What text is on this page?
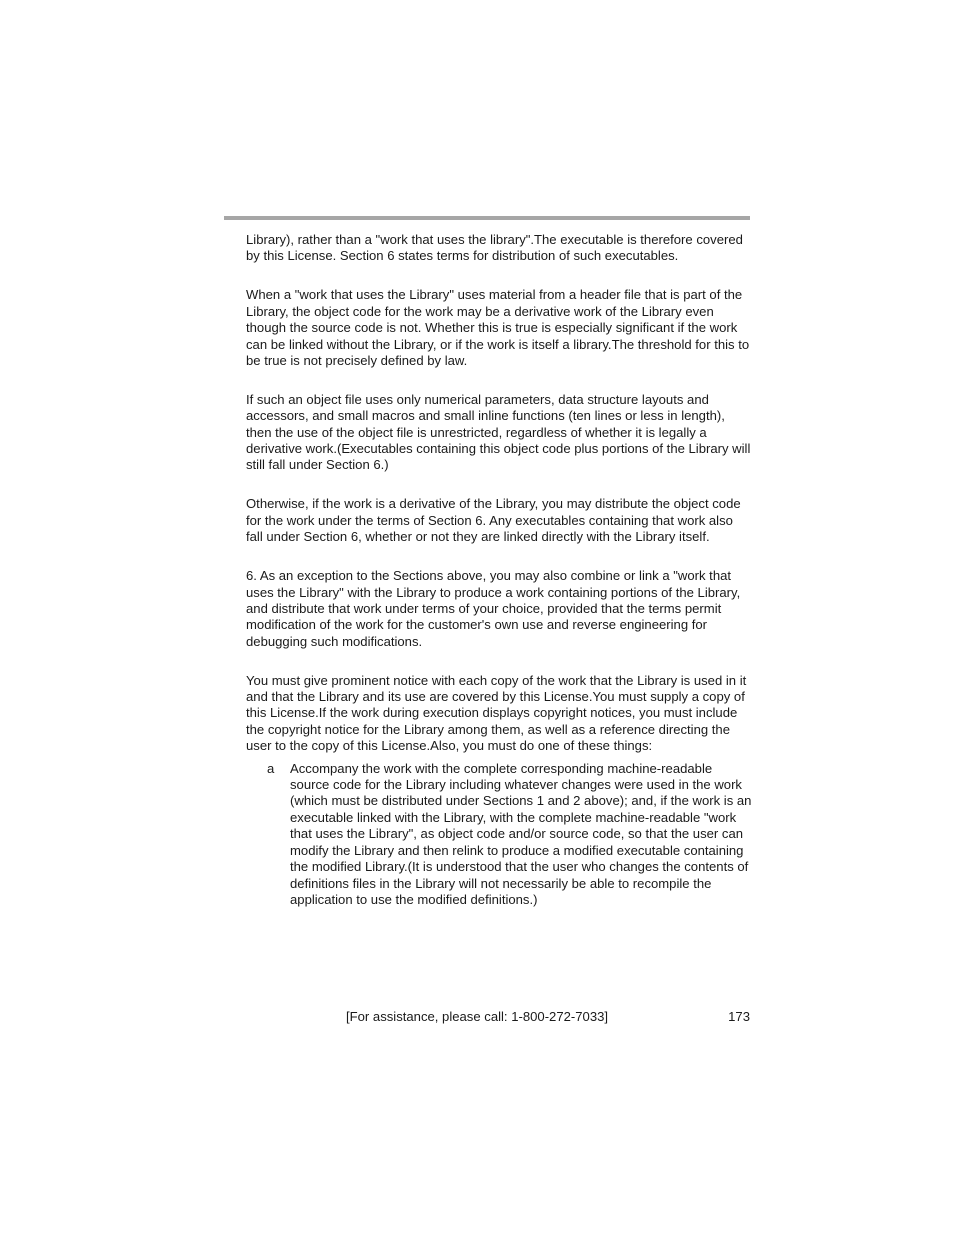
Library), rather than a "work that uses the library".The executable is therefore covered by this License. Section 6 states terms for distribution of such executables.

When a "work that uses the Library" uses material from a header file that is part of the Library, the object code for the work may be a derivative work of the Library even though the source code is not. Whether this is true is especially significant if the work can be linked without the Library, or if the work is itself a library.The threshold for this to be true is not precisely defined by law.

If such an object file uses only numerical parameters, data structure layouts and accessors, and small macros and small inline functions (ten lines or less in length), then the use of the object file is unrestricted, regardless of whether it is legally a derivative work.(Executables containing this object code plus portions of the Library will still fall under Section 6.)

Otherwise, if the work is a derivative of the Library, you may distribute the object code for the work under the terms of Section 6. Any executables containing that work also fall under Section 6, whether or not they are linked directly with the Library itself.

6. As an exception to the Sections above, you may also combine or link a "work that uses the Library" with the Library to produce a work containing portions of the Library, and distribute that work under terms of your choice, provided that the terms permit modification of the work for the customer's own use and reverse engineering for debugging such modifications.

You must give prominent notice with each copy of the work that the Library is used in it and that the Library and its use are covered by this License.You must supply a copy of this License.If the work during execution displays copyright notices, you must include the copyright notice for the Library among them, as well as a reference directing the user to the copy of this License.Also, you must do one of these things:

a	Accompany the work with the complete corresponding machine-readable source code for the Library including whatever changes were used in the work (which must be distributed under Sections 1 and 2 above); and, if the work is an executable linked with the Library, with the complete machine-readable "work that uses the Library", as object code and/or source code, so that the user can modify the Library and then relink to produce a modified executable containing the modified Library.(It is understood that the user who changes the contents of definitions files in the Library will not necessarily be able to recompile the application to use the modified definitions.)
[For assistance, please call: 1-800-272-7033]	173
